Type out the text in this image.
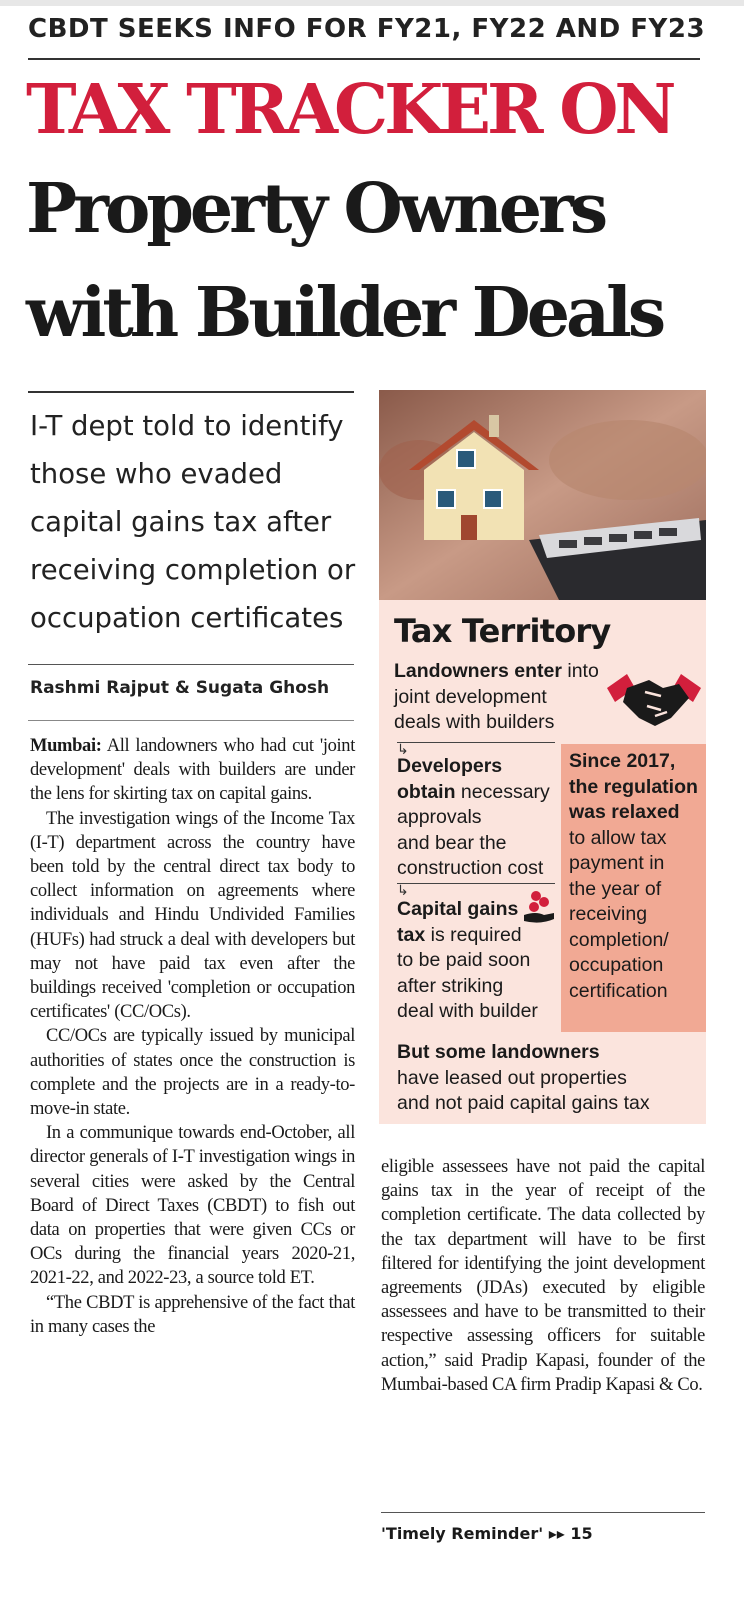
CBDT SEEKS INFO FOR FY21, FY22 AND FY23
TAX TRACKER ON
Property Owners
with Builder Deals
I-T dept told to identify
those who evaded
capital gains tax after
receiving completion or
occupation certificates
Rashmi Rajput & Sugata Ghosh

Mumbai: All landowners who had cut 'joint development' deals with builders are under the lens for skirting tax on capital gains.

The investigation wings of the Income Tax (I-T) department across the country have been told by the central direct tax body to collect information on agreements where individuals and Hindu Undivided Families (HUFs) had struck a deal with developers but may not have paid tax even after the buildings received 'completion or occupation certificates' (CC/OCs).

CC/OCs are typically issued by municipal authorities of states once the construction is complete and the projects are in a ready-to-move-in state.

In a communique towards end-October, all director generals of I-T investigation wings in several cities were asked by the Central Board of Direct Taxes (CBDT) to fish out data on properties that were given CCs or OCs during the financial years 2020-21, 2021-22, and 2022-23, a source told ET.

“The CBDT is apprehensive of the fact that in many cases the

Tax Territory
Landowners enter into
joint development
deals with builders
↳
Developers
obtain necessary
approvals
and bear the
construction cost
↳
Capital gains
tax is required
to be paid soon
after striking
deal with builder
Since 2017,
the regulation
was relaxed
to allow tax
payment in
the year of
receiving
completion/
occupation
certification
But some landowners
have leased out properties
and not paid capital gains tax

eligible assessees have not paid the capital gains tax in the year of receipt of the completion certificate. The data collected by the tax department will have to be first filtered for identifying the joint development agreements (JDAs) executed by eligible assessees and have to be transmitted to their respective assessing officers for suitable action,” said Pradip Kapasi, founder of the Mumbai-based CA firm Pradip Kapasi & Co.

'Timely Reminder' ▸▸ 15
